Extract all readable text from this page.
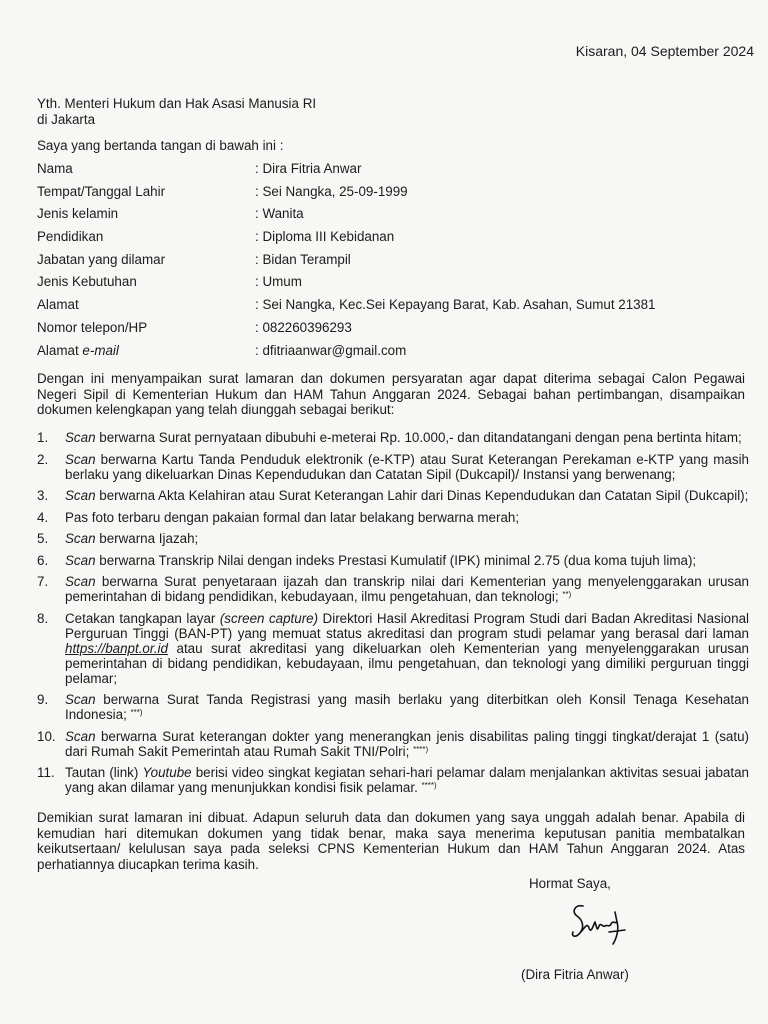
Kisaran, 04 September 2024
Yth. Menteri Hukum dan Hak Asasi Manusia RI
di Jakarta
Saya yang bertanda tangan di bawah ini :
Nama	: Dira Fitria Anwar
Tempat/Tanggal Lahir	: Sei Nangka, 25-09-1999
Jenis kelamin	: Wanita
Pendidikan	: Diploma III Kebidanan
Jabatan yang dilamar	: Bidan Terampil
Jenis Kebutuhan	: Umum
Alamat	: Sei Nangka, Kec.Sei Kepayang Barat, Kab. Asahan, Sumut 21381
Nomor telepon/HP	: 082260396293
Alamat e-mail	: dfitriaanwar@gmail.com
Dengan ini menyampaikan surat lamaran dan dokumen persyaratan agar dapat diterima sebagai Calon Pegawai Negeri Sipil di Kementerian Hukum dan HAM Tahun Anggaran 2024. Sebagai bahan pertimbangan, disampaikan dokumen kelengkapan yang telah diunggah sebagai berikut:
1. Scan berwarna Surat pernyataan dibubuhi e-meterai Rp. 10.000,- dan ditandatangani dengan pena bertinta hitam;
2. Scan berwarna Kartu Tanda Penduduk elektronik (e-KTP) atau Surat Keterangan Perekaman e-KTP yang masih berlaku yang dikeluarkan Dinas Kependudukan dan Catatan Sipil (Dukcapil)/ Instansi yang berwenang;
3. Scan berwarna Akta Kelahiran atau Surat Keterangan Lahir dari Dinas Kependudukan dan Catatan Sipil (Dukcapil);
4. Pas foto terbaru dengan pakaian formal dan latar belakang berwarna merah;
5. Scan berwarna Ijazah;
6. Scan berwarna Transkrip Nilai dengan indeks Prestasi Kumulatif (IPK) minimal 2.75 (dua koma tujuh lima);
7. Scan berwarna Surat penyetaraan ijazah dan transkrip nilai dari Kementerian yang menyelenggarakan urusan pemerintahan di bidang pendidikan, kebudayaan, ilmu pengetahuan, dan teknologi; **)
8. Cetakan tangkapan layar (screen capture) Direktori Hasil Akreditasi Program Studi dari Badan Akreditasi Nasional Perguruan Tinggi (BAN-PT) yang memuat status akreditasi dan program studi pelamar yang berasal dari laman https://banpt.or.id atau surat akreditasi yang dikeluarkan oleh Kementerian yang menyelenggarakan urusan pemerintahan di bidang pendidikan, kebudayaan, ilmu pengetahuan, dan teknologi yang dimiliki perguruan tinggi pelamar;
9. Scan berwarna Surat Tanda Registrasi yang masih berlaku yang diterbitkan oleh Konsil Tenaga Kesehatan Indonesia; ***)
10. Scan berwarna Surat keterangan dokter yang menerangkan jenis disabilitas paling tinggi tingkat/derajat 1 (satu) dari Rumah Sakit Pemerintah atau Rumah Sakit TNI/Polri; ****)
11. Tautan (link) Youtube berisi video singkat kegiatan sehari-hari pelamar dalam menjalankan aktivitas sesuai jabatan yang akan dilamar yang menunjukkan kondisi fisik pelamar. ****)
Demikian surat lamaran ini dibuat. Adapun seluruh data dan dokumen yang saya unggah adalah benar. Apabila di kemudian hari ditemukan dokumen yang tidak benar, maka saya menerima keputusan panitia membatalkan keikutsertaan/ kelulusan saya pada seleksi CPNS Kementerian Hukum dan HAM Tahun Anggaran 2024. Atas perhatiannya diucapkan terima kasih.
Hormat Saya,
(Dira Fitria Anwar)
